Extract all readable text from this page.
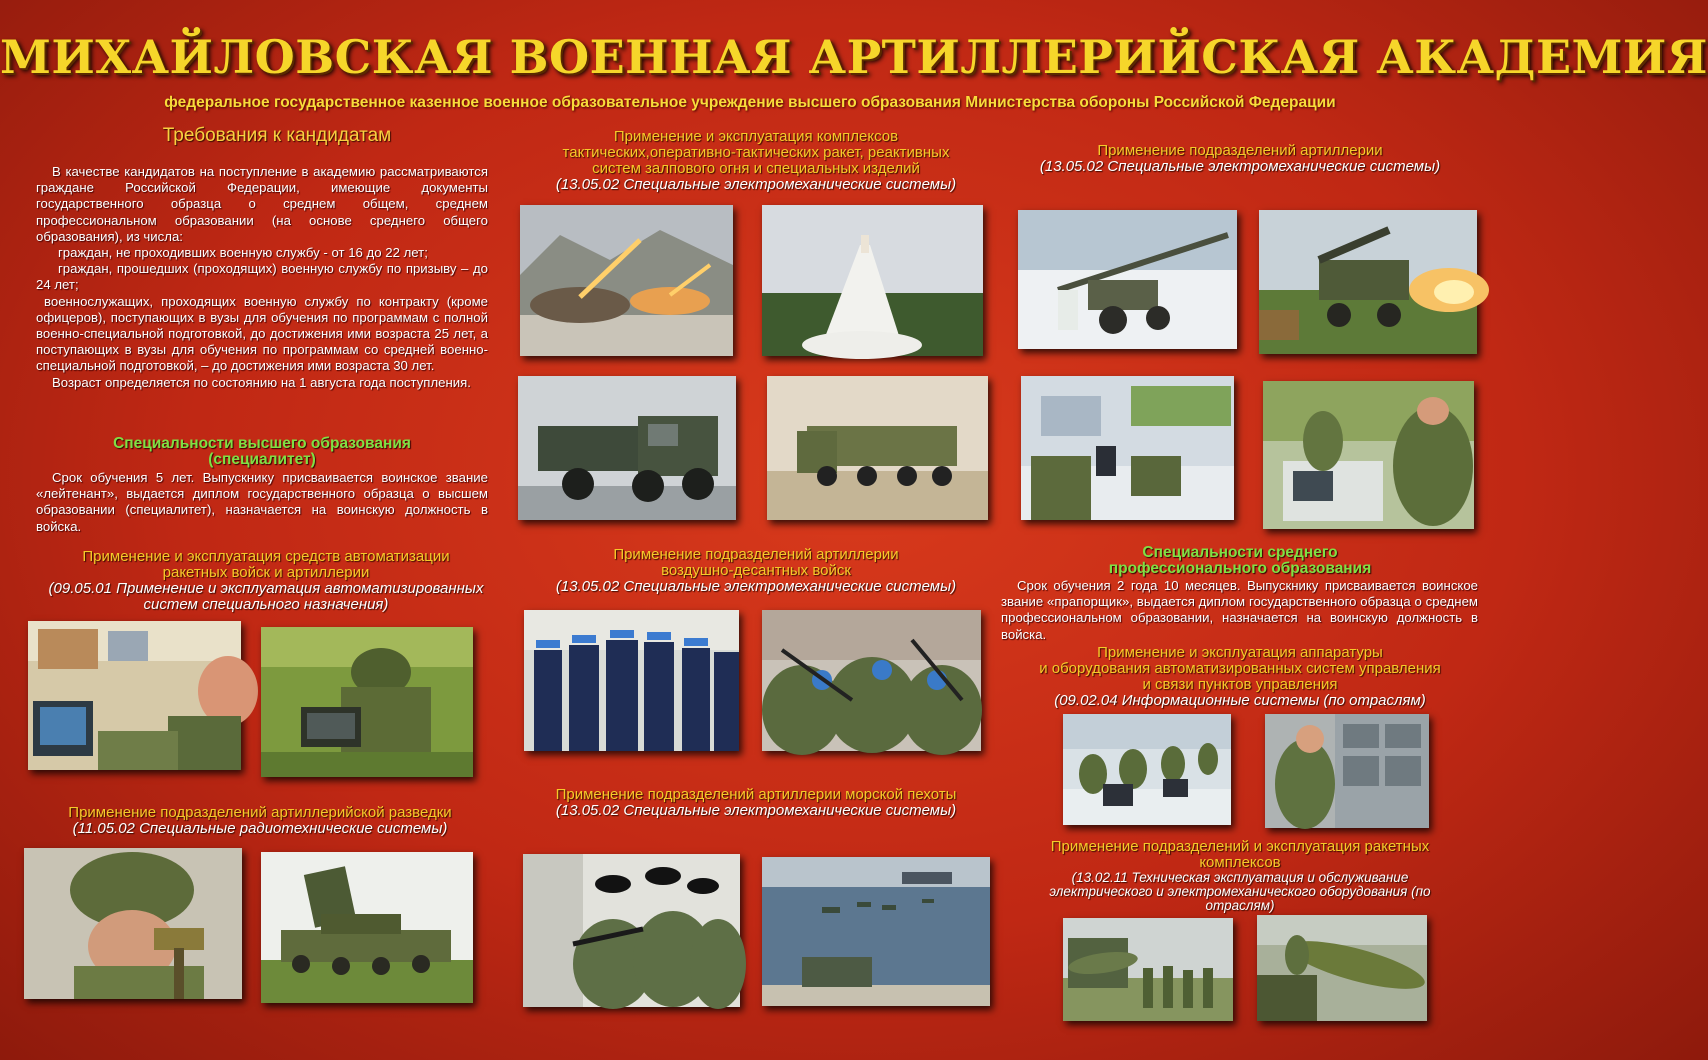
МИХАЙЛОВСКАЯ ВОЕННАЯ АРТИЛЛЕРИЙСКАЯ АКАДЕМИЯ
федеральное государственное казенное военное образовательное учреждение высшего образования Министерства обороны Российской Федерации
Требования к кандидатам

В качестве кандидатов на поступление в академию рассматриваются граждане Российской Федерации, имеющие документы государственного образца о среднем общем, среднем профессиональном образовании (на основе среднего общего образования), из числа:

граждан, не проходивших военную службу - от 16 до 22 лет;

граждан, прошедших (проходящих) военную службу по призыву – до 24 лет;

военнослужащих, проходящих военную службу по контракту (кроме офицеров), поступающих в вузы для обучения по программам с полной военно-специальной подготовкой, до достижения ими возраста 25 лет, а поступающих в вузы для обучения по программам со средней военно-специальной подготовкой, – до достижения ими возраста 30 лет.

Возраст определяется по состоянию на 1 августа года поступления.

Специальности высшего образования
(специалитет)
Срок обучения 5 лет. Выпускнику присваивается воинское звание «лейтенант», выдается диплом государственного образца о высшем образовании (специалитет), назначается на воинскую должность в войска.
Применение и эксплуатация средств автоматизации
ракетных войск и артиллерии
(09.05.01 Применение и эксплуатация автоматизированных
систем специального назначения)
Применение подразделений артиллерийской разведки
(11.05.02 Специальные радиотехнические системы)
Применение и эксплуатация комплексов
тактических,оперативно-тактических ракет, реактивных
систем залпового огня и специальных изделий
(13.05.02 Специальные электромеханические системы)
Применение подразделений артиллерии
воздушно-десантных войск
(13.05.02 Специальные электромеханические системы)
Применение подразделений артиллерии морской пехоты
(13.05.02 Специальные электромеханические системы)
Применение подразделений артиллерии
(13.05.02 Специальные электромеханические системы)
Специальности среднего
профессионального образования
Срок обучения 2 года 10 месяцев. Выпускнику присваивается воинское звание «прапорщик», выдается диплом государственного образца о среднем профессиональном образовании, назначается на воинскую должность в войска.
Применение и эксплуатация аппаратуры
и оборудования автоматизированных систем управления
и связи пунктов управления
(09.02.04 Информационные системы (по отраслям)
Применение подразделений и эксплуатация ракетных
комплексов
(13.02.11 Техническая эксплуатация и обслуживание
электрического и электромеханического оборудования (по
отраслям)
